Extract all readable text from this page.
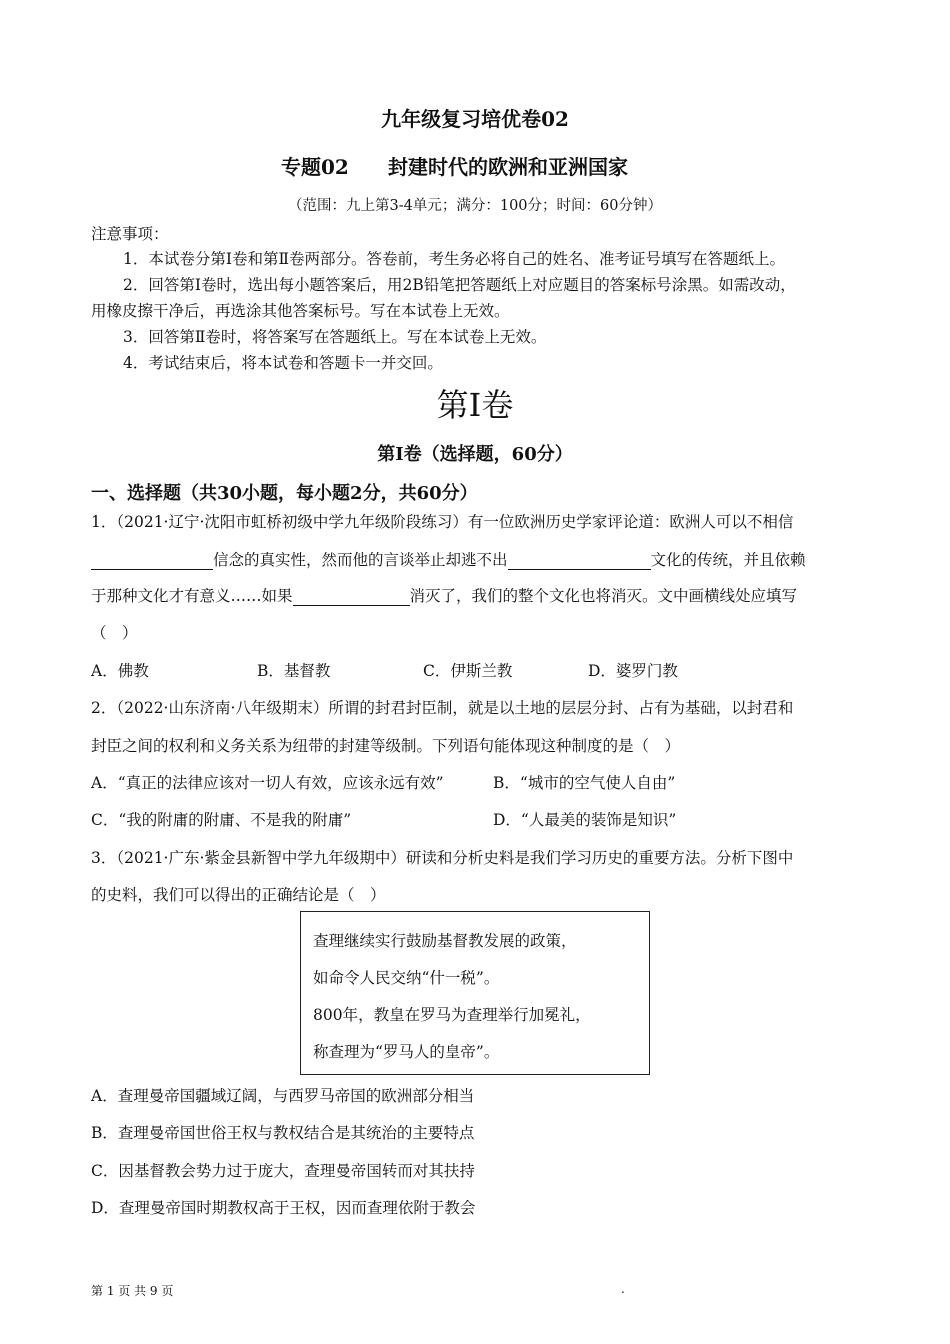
九年级复习培优卷02
专题02 封建时代的欧洲和亚洲国家
（范围：九上第3-4单元；满分：100分；时间：60分钟）
注意事项：
1．本试卷分第Ⅰ卷和第Ⅱ卷两部分。答卷前，考生务必将自己的姓名、准考证号填写在答题纸上。
2．回答第Ⅰ卷时，选出每小题答案后，用2B铅笔把答题纸上对应题目的答案标号涂黑。如需改动，
用橡皮擦干净后，再选涂其他答案标号。写在本试卷上无效。
3．回答第Ⅱ卷时，将答案写在答题纸上。写在本试卷上无效。
4．考试结束后，将本试卷和答题卡一并交回。
第Ⅰ卷
第Ⅰ卷（选择题，60分）
一、选择题（共30小题，每小题2分，共60分）
1．（2021·辽宁·沈阳市虹桥初级中学九年级阶段练习）有一位欧洲历史学家评论道：欧洲人可以不相信
信念的真实性，然而他的言谈举止却逃不出	文化的传统，并且依赖
于那种文化才有意义……如果	消灭了，我们的整个文化也将消灭。文中画横线处应填写
（　）
A．佛教	B．基督教	C．伊斯兰教	D．婆罗门教
2．（2022·山东济南·八年级期末）所谓的封君封臣制，就是以土地的层层分封、占有为基础，以封君和
封臣之间的权利和义务关系为纽带的封建等级制。下列语句能体现这种制度的是（　）
A．“真正的法律应该对一切人有效，应该永远有效”	B．“城市的空气使人自由”
C．“我的附庸的附庸、不是我的附庸”	D．“人最美的装饰是知识”
3．（2021·广东·紫金县新智中学九年级期中）研读和分析史料是我们学习历史的重要方法。分析下图中
的史料，我们可以得出的正确结论是（　）
查理继续实行鼓励基督教发展的政策，
如命令人民交纳“什一税”。
800年，教皇在罗马为查理举行加冕礼，
称查理为“罗马人的皇帝”。
A．查理曼帝国疆域辽阔，与西罗马帝国的欧洲部分相当
B．查理曼帝国世俗王权与教权结合是其统治的主要特点
C．因基督教会势力过于庞大，查理曼帝国转而对其扶持
D．查理曼帝国时期教权高于王权，因而查理依附于教会
第 1 页 共 9 页	.
